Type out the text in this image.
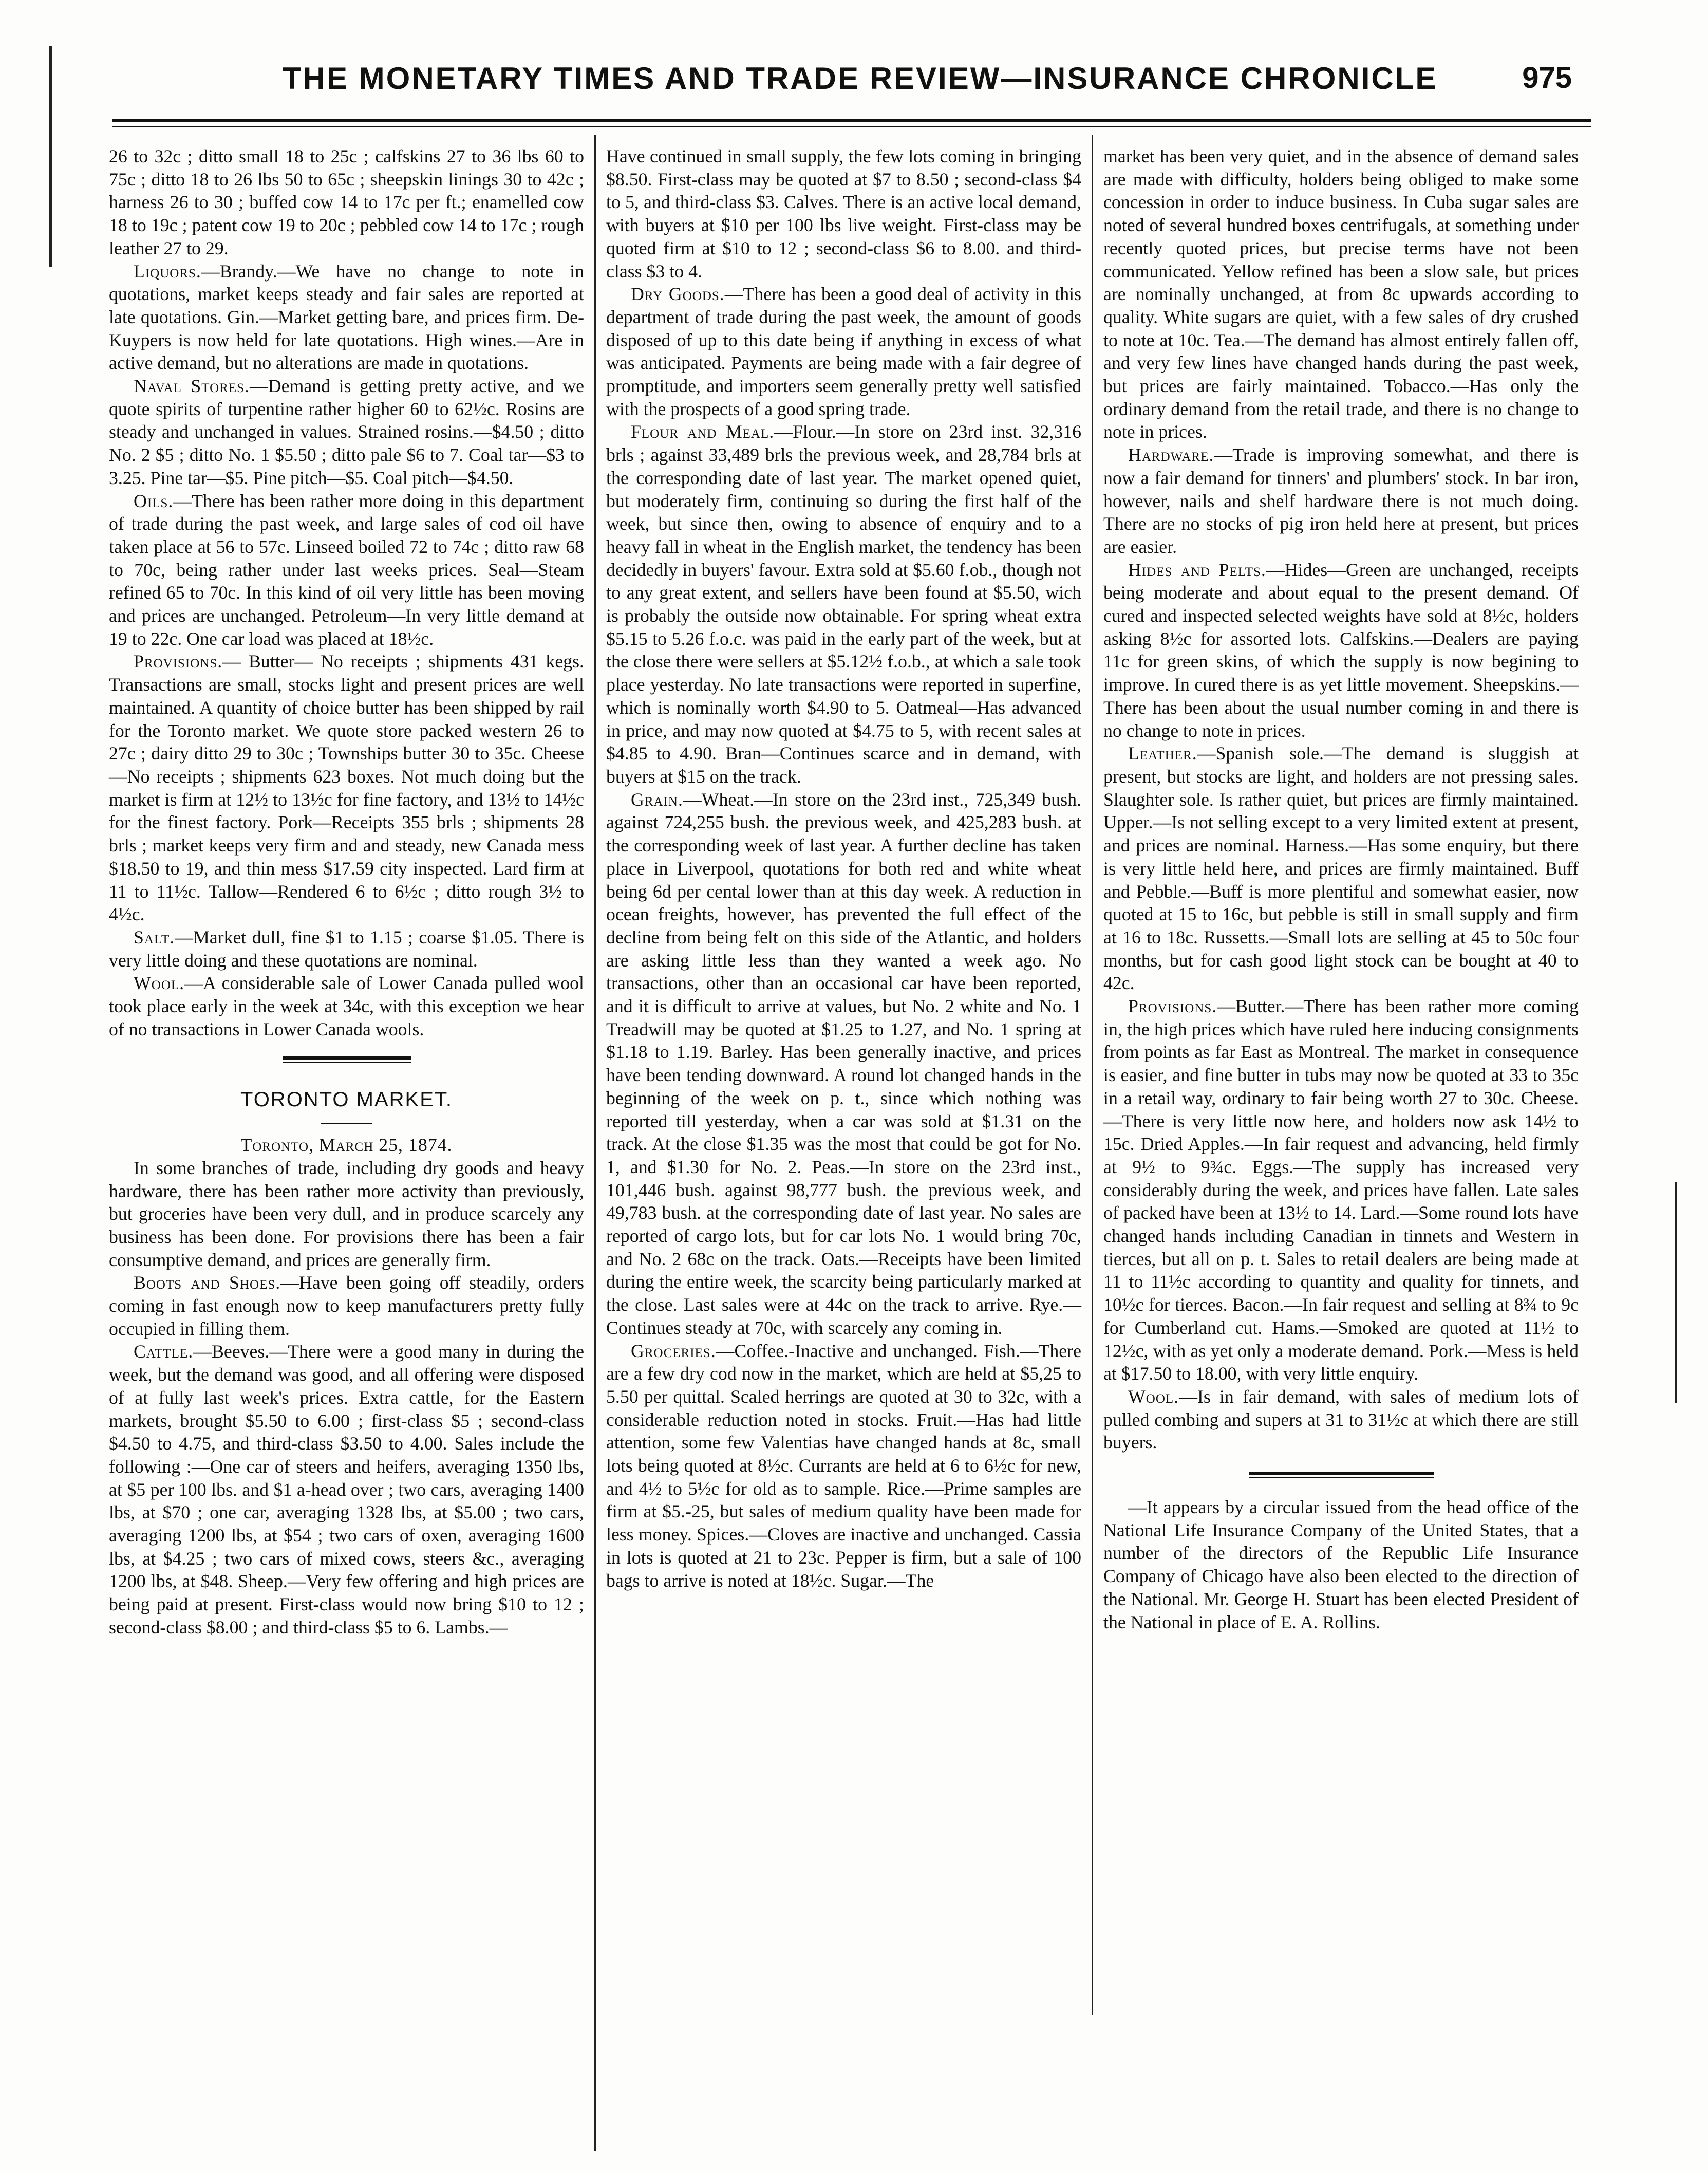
THE MONETARY TIMES AND TRADE REVIEW—INSURANCE CHRONICLE	975

26 to 32c ; ditto small 18 to 25c ; calfskins 27 to 36 lbs 60 to 75c ; ditto 18 to 26 lbs 50 to 65c ; sheepskin linings 30 to 42c ; harness 26 to 30 ; buffed cow 14 to 17c per ft.; enamelled cow 18 to 19c ; patent cow 19 to 20c ; pebbled cow 14 to 17c ; rough leather 27 to 29.

Liquors.—Brandy.—We have no change to note in quotations, market keeps steady and fair sales are reported at late quotations. Gin.—Market getting bare, and prices firm. De-Kuypers is now held for late quotations. High wines.—Are in active demand, but no alterations are made in quotations.

Naval Stores.—Demand is getting pretty active, and we quote spirits of turpentine rather higher 60 to 62½c. Rosins are steady and unchanged in values. Strained rosins.—$4.50 ; ditto No. 2 $5 ; ditto No. 1 $5.50 ; ditto pale $6 to 7. Coal tar—$3 to 3.25. Pine tar—$5. Pine pitch—$5. Coal pitch—$4.50.

Oils.—There has been rather more doing in this department of trade during the past week, and large sales of cod oil have taken place at 56 to 57c. Linseed boiled 72 to 74c ; ditto raw 68 to 70c, being rather under last weeks prices. Seal—Steam refined 65 to 70c. In this kind of oil very little has been moving and prices are unchanged. Petroleum—In very little demand at 19 to 22c. One car load was placed at 18½c.

Provisions.— Butter— No receipts ; shipments 431 kegs. Transactions are small, stocks light and present prices are well maintained. A quantity of choice butter has been shipped by rail for the Toronto market. We quote store packed western 26 to 27c ; dairy ditto 29 to 30c ; Townships butter 30 to 35c. Cheese—No receipts ; shipments 623 boxes. Not much doing but the market is firm at 12½ to 13½c for fine factory, and 13½ to 14½c for the finest factory. Pork—Receipts 355 brls ; shipments 28 brls ; market keeps very firm and and steady, new Canada mess $18.50 to 19, and thin mess $17.59 city inspected. Lard firm at 11 to 11½c. Tallow—Rendered 6 to 6½c ; ditto rough 3½ to 4½c.

Salt.—Market dull, fine $1 to 1.15 ; coarse $1.05. There is very little doing and these quotations are nominal.

Wool.—A considerable sale of Lower Canada pulled wool took place early in the week at 34c, with this exception we hear of no transactions in Lower Canada wools.

TORONTO MARKET.

Toronto, March 25, 1874.

In some branches of trade, including dry goods and heavy hardware, there has been rather more activity than previously, but groceries have been very dull, and in produce scarcely any business has been done. For provisions there has been a fair consumptive demand, and prices are generally firm.

Boots and Shoes.—Have been going off steadily, orders coming in fast enough now to keep manufacturers pretty fully occupied in filling them.

Cattle.—Beeves.—There were a good many in during the week, but the demand was good, and all offering were disposed of at fully last week's prices. Extra cattle, for the Eastern markets, brought $5.50 to 6.00 ; first-class $5 ; second-class $4.50 to 4.75, and third-class $3.50 to 4.00. Sales include the following :—One car of steers and heifers, averaging 1350 lbs, at $5 per 100 lbs. and $1 a-head over ; two cars, averaging 1400 lbs, at $70 ; one car, averaging 1328 lbs, at $5.00 ; two cars, averaging 1200 lbs, at $54 ; two cars of oxen, averaging 1600 lbs, at $4.25 ; two cars of mixed cows, steers &c., averaging 1200 lbs, at $48. Sheep.—Very few offering and high prices are being paid at present. First-class would now bring $10 to 12 ; second-class $8.00 ; and third-class $5 to 6. Lambs.—

Have continued in small supply, the few lots coming in bringing $8.50. First-class may be quoted at $7 to 8.50 ; second-class $4 to 5, and third-class $3. Calves. There is an active local demand, with buyers at $10 per 100 lbs live weight. First-class may be quoted firm at $10 to 12 ; second-class $6 to 8.00. and third-class $3 to 4.

Dry Goods.—There has been a good deal of activity in this department of trade during the past week, the amount of goods disposed of up to this date being if anything in excess of what was anticipated. Payments are being made with a fair degree of promptitude, and importers seem generally pretty well satisfied with the prospects of a good spring trade.

Flour and Meal.—Flour.—In store on 23rd inst. 32,316 brls ; against 33,489 brls the previous week, and 28,784 brls at the corresponding date of last year. The market opened quiet, but moderately firm, continuing so during the first half of the week, but since then, owing to absence of enquiry and to a heavy fall in wheat in the English market, the tendency has been decidedly in buyers' favour. Extra sold at $5.60 f.ob., though not to any great extent, and sellers have been found at $5.50, wich is probably the outside now obtainable. For spring wheat extra $5.15 to 5.26 f.o.c. was paid in the early part of the week, but at the close there were sellers at $5.12½ f.o.b., at which a sale took place yesterday. No late transactions were reported in superfine, which is nominally worth $4.90 to 5. Oatmeal—Has advanced in price, and may now quoted at $4.75 to 5, with recent sales at $4.85 to 4.90. Bran—Continues scarce and in demand, with buyers at $15 on the track.

Grain.—Wheat.—In store on the 23rd inst., 725,349 bush. against 724,255 bush. the previous week, and 425,283 bush. at the corresponding week of last year. A further decline has taken place in Liverpool, quotations for both red and white wheat being 6d per cental lower than at this day week. A reduction in ocean freights, however, has prevented the full effect of the decline from being felt on this side of the Atlantic, and holders are asking little less than they wanted a week ago. No transactions, other than an occasional car have been reported, and it is difficult to arrive at values, but No. 2 white and No. 1 Treadwill may be quoted at $1.25 to 1.27, and No. 1 spring at $1.18 to 1.19. Barley. Has been generally inactive, and prices have been tending downward. A round lot changed hands in the beginning of the week on p. t., since which nothing was reported till yesterday, when a car was sold at $1.31 on the track. At the close $1.35 was the most that could be got for No. 1, and $1.30 for No. 2. Peas.—In store on the 23rd inst., 101,446 bush. against 98,777 bush. the previous week, and 49,783 bush. at the corresponding date of last year. No sales are reported of cargo lots, but for car lots No. 1 would bring 70c, and No. 2 68c on the track. Oats.—Receipts have been limited during the entire week, the scarcity being particularly marked at the close. Last sales were at 44c on the track to arrive. Rye.—Continues steady at 70c, with scarcely any coming in.

Groceries.—Coffee.-Inactive and unchanged. Fish.—There are a few dry cod now in the market, which are held at $5,25 to 5.50 per quittal. Scaled herrings are quoted at 30 to 32c, with a considerable reduction noted in stocks. Fruit.—Has had little attention, some few Valentias have changed hands at 8c, small lots being quoted at 8½c. Currants are held at 6 to 6½c for new, and 4½ to 5½c for old as to sample. Rice.—Prime samples are firm at $5.-25, but sales of medium quality have been made for less money. Spices.—Cloves are inactive and unchanged. Cassia in lots is quoted at 21 to 23c. Pepper is firm, but a sale of 100 bags to arrive is noted at 18½c. Sugar.—The

market has been very quiet, and in the absence of demand sales are made with difficulty, holders being obliged to make some concession in order to induce business. In Cuba sugar sales are noted of several hundred boxes centrifugals, at something under recently quoted prices, but precise terms have not been communicated. Yellow refined has been a slow sale, but prices are nominally unchanged, at from 8c upwards according to quality. White sugars are quiet, with a few sales of dry crushed to note at 10c. Tea.—The demand has almost entirely fallen off, and very few lines have changed hands during the past week, but prices are fairly maintained. Tobacco.—Has only the ordinary demand from the retail trade, and there is no change to note in prices.

Hardware.—Trade is improving somewhat, and there is now a fair demand for tinners' and plumbers' stock. In bar iron, however, nails and shelf hardware there is not much doing. There are no stocks of pig iron held here at present, but prices are easier.

Hides and Pelts.—Hides—Green are unchanged, receipts being moderate and about equal to the present demand. Of cured and inspected selected weights have sold at 8½c, holders asking 8½c for assorted lots. Calfskins.—Dealers are paying 11c for green skins, of which the supply is now begining to improve. In cured there is as yet little movement. Sheepskins.—There has been about the usual number coming in and there is no change to note in prices.

Leather.—Spanish sole.—The demand is sluggish at present, but stocks are light, and holders are not pressing sales. Slaughter sole. Is rather quiet, but prices are firmly maintained. Upper.—Is not selling except to a very limited extent at present, and prices are nominal. Harness.—Has some enquiry, but there is very little held here, and prices are firmly maintained. Buff and Pebble.—Buff is more plentiful and somewhat easier, now quoted at 15 to 16c, but pebble is still in small supply and firm at 16 to 18c. Russetts.—Small lots are selling at 45 to 50c four months, but for cash good light stock can be bought at 40 to 42c.

Provisions.—Butter.—There has been rather more coming in, the high prices which have ruled here inducing consignments from points as far East as Montreal. The market in consequence is easier, and fine butter in tubs may now be quoted at 33 to 35c in a retail way, ordinary to fair being worth 27 to 30c. Cheese.—There is very little now here, and holders now ask 14½ to 15c. Dried Apples.—In fair request and advancing, held firmly at 9½ to 9¾c. Eggs.—The supply has increased very considerably during the week, and prices have fallen. Late sales of packed have been at 13½ to 14. Lard.—Some round lots have changed hands including Canadian in tinnets and Western in tierces, but all on p. t. Sales to retail dealers are being made at 11 to 11½c according to quantity and quality for tinnets, and 10½c for tierces. Bacon.—In fair request and selling at 8¾ to 9c for Cumberland cut. Hams.—Smoked are quoted at 11½ to 12½c, with as yet only a moderate demand. Pork.—Mess is held at $17.50 to 18.00, with very little enquiry.

Wool.—Is in fair demand, with sales of medium lots of pulled combing and supers at 31 to 31½c at which there are still buyers.

—It appears by a circular issued from the head office of the National Life Insurance Company of the United States, that a number of the directors of the Republic Life Insurance Company of Chicago have also been elected to the direction of the National. Mr. George H. Stuart has been elected President of the National in place of E. A. Rollins.
